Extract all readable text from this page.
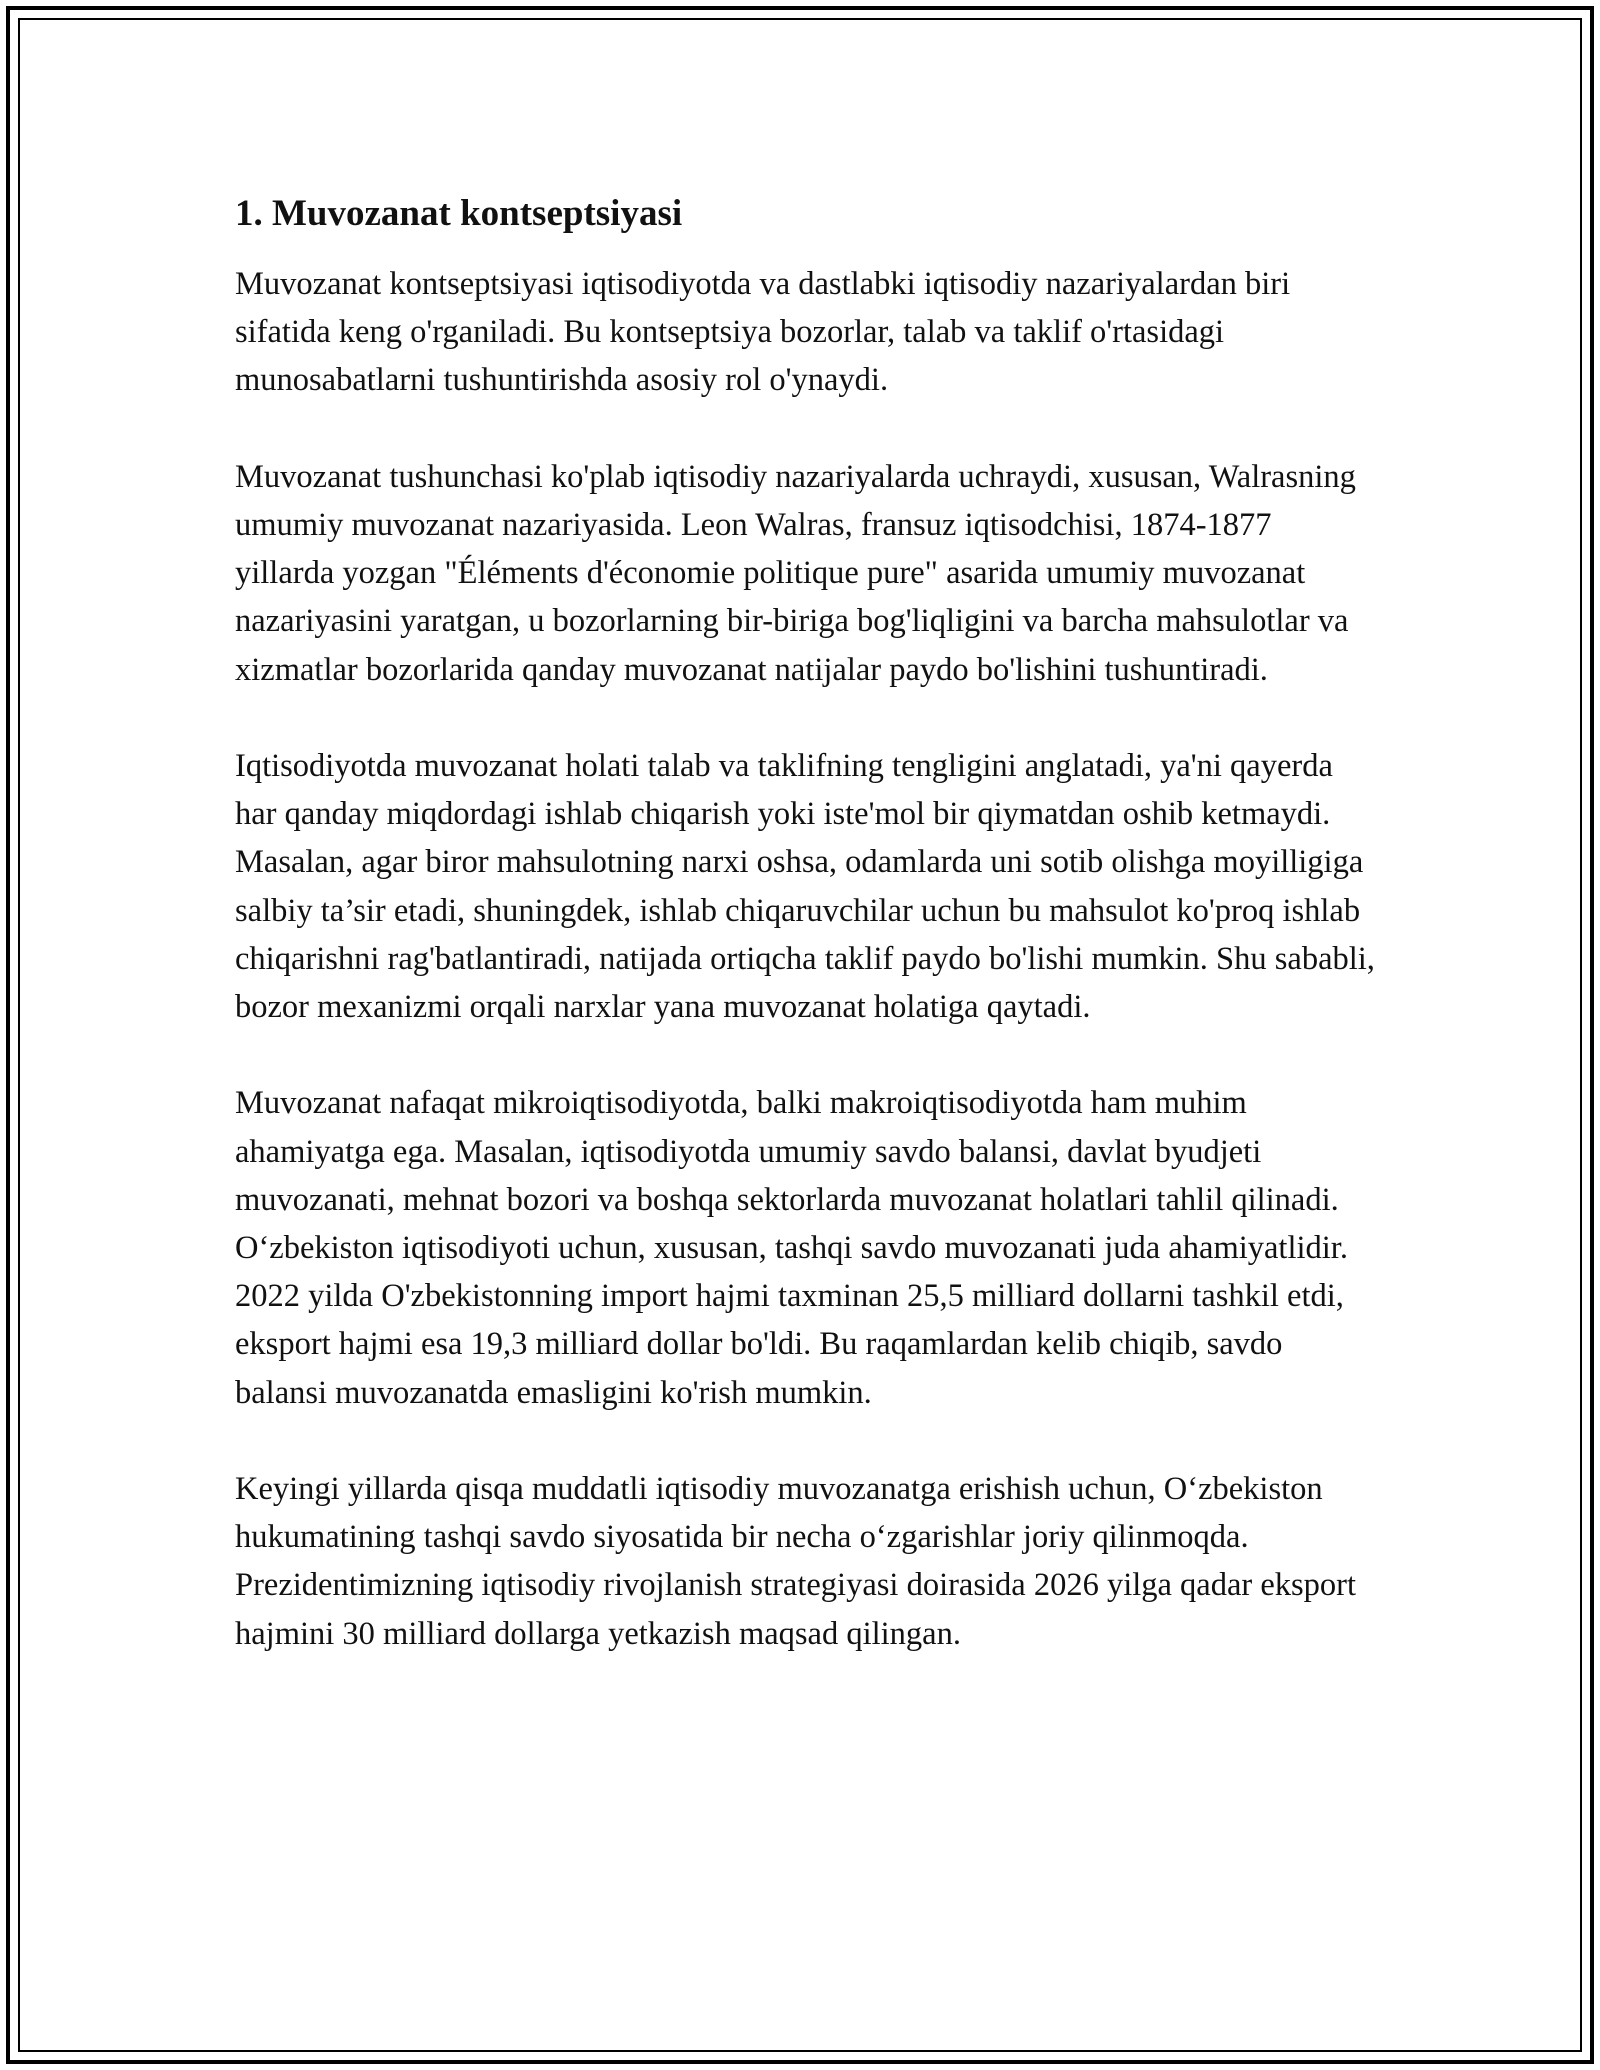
1. Muvozanat kontseptsiyasi

Muvozanat kontseptsiyasi iqtisodiyotda va dastlabki iqtisodiy nazariyalardan biri sifatida keng o'rganiladi. Bu kontseptsiya bozorlar, talab va taklif o'rtasidagi munosabatlarni tushuntirishda asosiy rol o'ynaydi.

Muvozanat tushunchasi ko'plab iqtisodiy nazariyalarda uchraydi, xususan, Walrasning umumiy muvozanat nazariyasida. Leon Walras, fransuz iqtisodchisi, 1874-1877 yillarda yozgan "Éléments d'économie politique pure" asarida umumiy muvozanat nazariyasini yaratgan, u bozorlarning bir-biriga bog'liqligini va barcha mahsulotlar va xizmatlar bozorlarida qanday muvozanat natijalar paydo bo'lishini tushuntiradi.

Iqtisodiyotda muvozanat holati talab va taklifning tengligini anglatadi, ya'ni qayerda har qanday miqdordagi ishlab chiqarish yoki iste'mol bir qiymatdan oshib ketmaydi. Masalan, agar biror mahsulotning narxi oshsa, odamlarda uni sotib olishga moyilligiga salbiy ta’sir etadi, shuningdek, ishlab chiqaruvchilar uchun bu mahsulot ko'proq ishlab chiqarishni rag'batlantiradi, natijada ortiqcha taklif paydo bo'lishi mumkin. Shu sababli, bozor mexanizmi orqali narxlar yana muvozanat holatiga qaytadi.

Muvozanat nafaqat mikroiqtisodiyotda, balki makroiqtisodiyotda ham muhim ahamiyatga ega. Masalan, iqtisodiyotda umumiy savdo balansi, davlat byudjeti muvozanati, mehnat bozori va boshqa sektorlarda muvozanat holatlari tahlil qilinadi. O‘zbekiston iqtisodiyoti uchun, xususan, tashqi savdo muvozanati juda ahamiyatlidir. 2022 yilda O'zbekistonning import hajmi taxminan 25,5 milliard dollarni tashkil etdi, eksport hajmi esa 19,3 milliard dollar bo'ldi. Bu raqamlardan kelib chiqib, savdo balansi muvozanatda emasligini ko'rish mumkin.

Keyingi yillarda qisqa muddatli iqtisodiy muvozanatga erishish uchun, O‘zbekiston hukumatining tashqi savdo siyosatida bir necha o‘zgarishlar joriy qilinmoqda. Prezidentimizning iqtisodiy rivojlanish strategiyasi doirasida 2026 yilga qadar eksport hajmini 30 milliard dollarga yetkazish maqsad qilingan.
